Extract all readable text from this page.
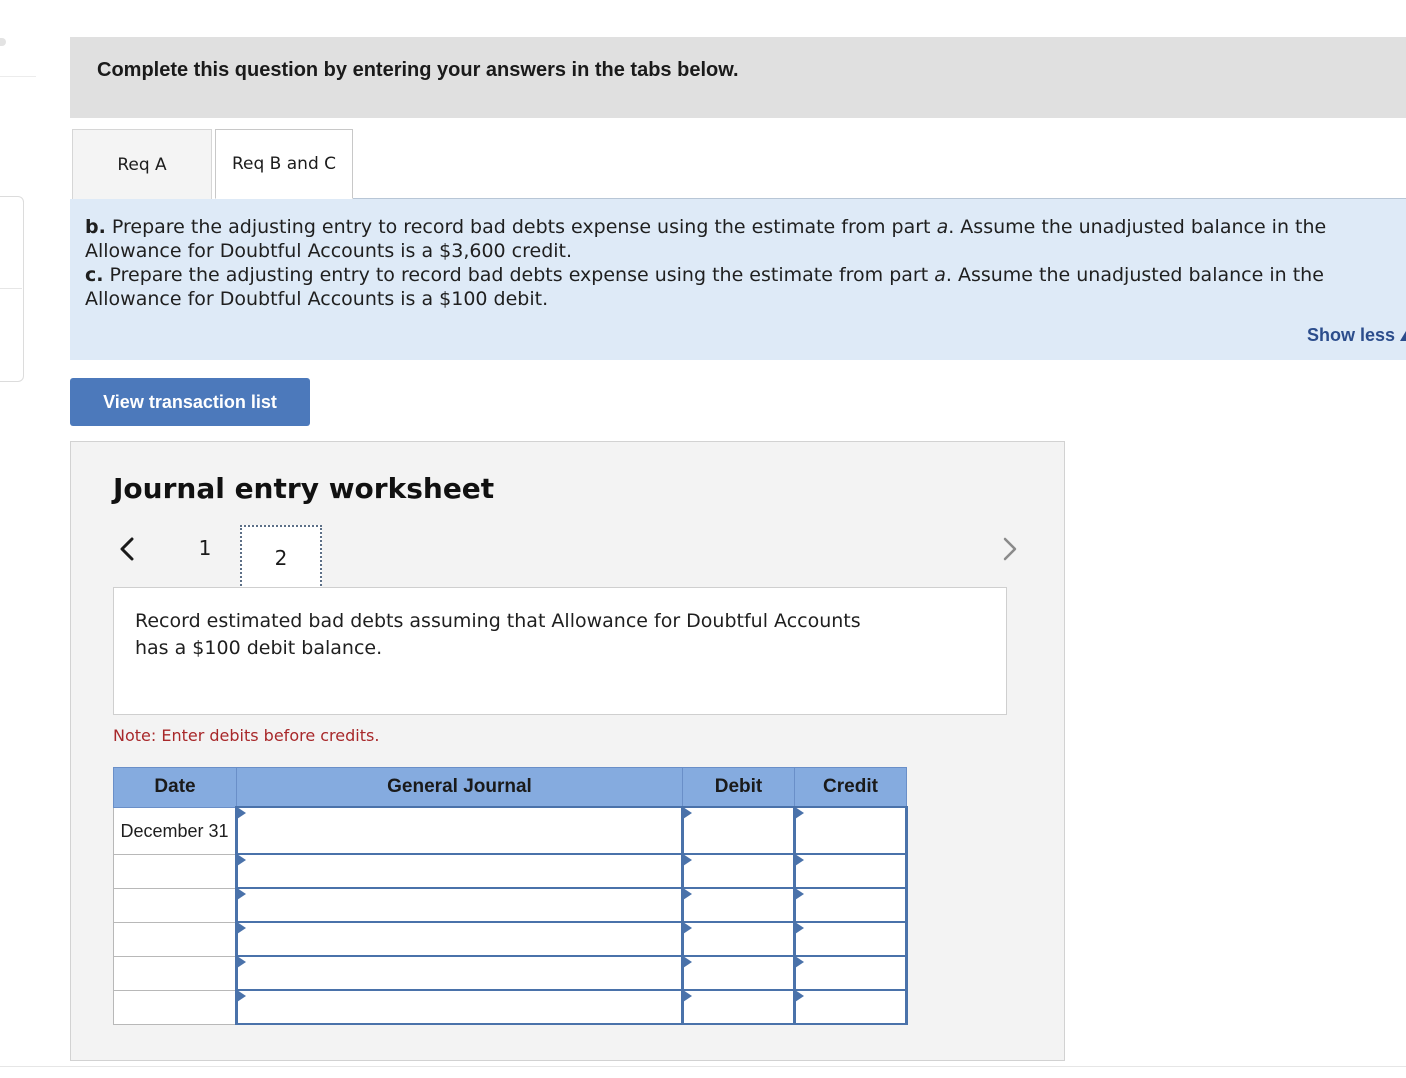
Complete this question by entering your answers in the tabs below.
Req A	Req B and C
b. Prepare the adjusting entry to record bad debts expense using the estimate from part a. Assume the unadjusted balance in the Allowance for Doubtful Accounts is a $3,600 credit.
c. Prepare the adjusting entry to record bad debts expense using the estimate from part a. Assume the unadjusted balance in the Allowance for Doubtful Accounts is a $100 debit.
Show less
View transaction list
Journal entry worksheet
1	2
Record estimated bad debts assuming that Allowance for Doubtful Accounts has a $100 debit balance.
Note: Enter debits before credits.
Date	General Journal	Debit	Credit
December 31			
